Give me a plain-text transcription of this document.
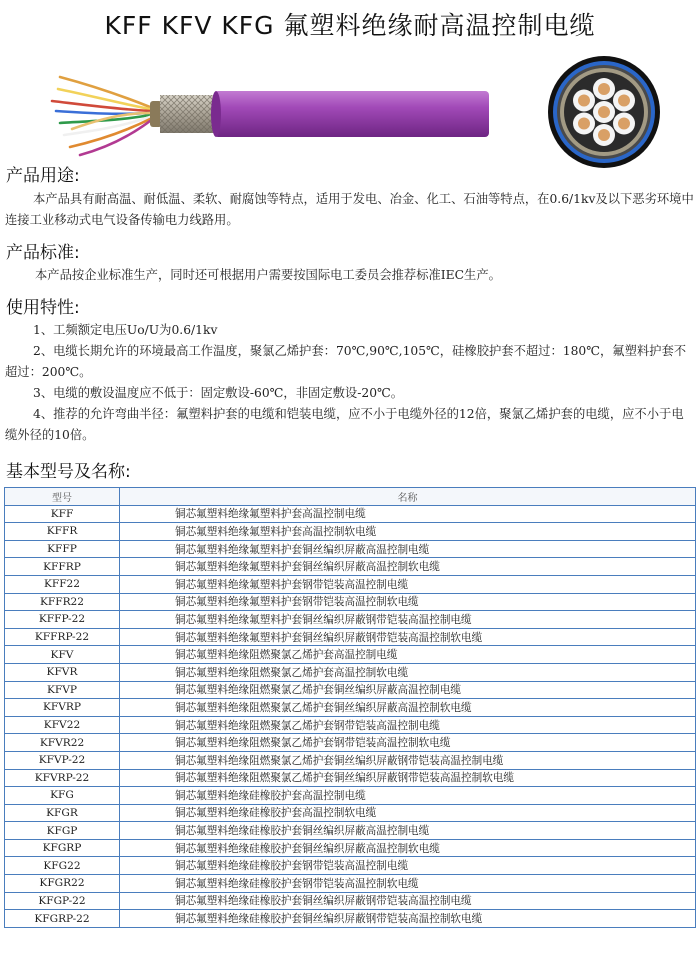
KFF KFV KFG 氟塑料绝缘耐高温控制电缆
产品用途:

本产品具有耐高温、耐低温、柔软、耐腐蚀等特点，适用于发电、冶金、化工、石油等特点，在0.6/1kv及以下恶劣环境中连接工业移动式电气设备传输电力线路用。

产品标准:

本产品按企业标准生产，同时还可根据用户需要按国际电工委员会推荐标准IEC生产。

使用特性:

1、工频额定电压Uo/U为0.6/1kv

2、电缆长期允许的环境最高工作温度，聚氯乙烯护套：70℃,90℃,105℃，硅橡胶护套不超过：180℃，氟塑料护套不超过：200℃。

3、电缆的敷设温度应不低于：固定敷设-60℃，非固定敷设-20℃。

4、推荐的允许弯曲半径：氟塑料护套的电缆和铠装电缆，应不小于电缆外径的12倍，聚氯乙烯护套的电缆，应不小于电缆外径的10倍。

基本型号及名称:
型号	名称
KFF	铜芯氟塑料绝缘氟塑料护套高温控制电缆
KFFR	铜芯氟塑料绝缘氟塑料护套高温控制软电缆
KFFP	铜芯氟塑料绝缘氟塑料护套铜丝编织屏蔽高温控制电缆
KFFRP	铜芯氟塑料绝缘氟塑料护套铜丝编织屏蔽高温控制软电缆
KFF22	铜芯氟塑料绝缘氟塑料护套钢带铠装高温控制电缆
KFFR22	铜芯氟塑料绝缘氟塑料护套钢带铠装高温控制软电缆
KFFP-22	铜芯氟塑料绝缘氟塑料护套铜丝编织屏蔽钢带铠装高温控制电缆
KFFRP-22	铜芯氟塑料绝缘氟塑料护套铜丝编织屏蔽钢带铠装高温控制软电缆
KFV	铜芯氟塑料绝缘阻燃聚氯乙烯护套高温控制电缆
KFVR	铜芯氟塑料绝缘阻燃聚氯乙烯护套高温控制软电缆
KFVP	铜芯氟塑料绝缘阻燃聚氯乙烯护套铜丝编织屏蔽高温控制电缆
KFVRP	铜芯氟塑料绝缘阻燃聚氯乙烯护套铜丝编织屏蔽高温控制软电缆
KFV22	铜芯氟塑料绝缘阻燃聚氯乙烯护套钢带铠装高温控制电缆
KFVR22	铜芯氟塑料绝缘阻燃聚氯乙烯护套钢带铠装高温控制软电缆
KFVP-22	铜芯氟塑料绝缘阻燃聚氯乙烯护套铜丝编织屏蔽钢带铠装高温控制电缆
KFVRP-22	铜芯氟塑料绝缘阻燃聚氯乙烯护套铜丝编织屏蔽钢带铠装高温控制软电缆
KFG	铜芯氟塑料绝缘硅橡胶护套高温控制电缆
KFGR	铜芯氟塑料绝缘硅橡胶护套高温控制软电缆
KFGP	铜芯氟塑料绝缘硅橡胶护套铜丝编织屏蔽高温控制电缆
KFGRP	铜芯氟塑料绝缘硅橡胶护套铜丝编织屏蔽高温控制软电缆
KFG22	铜芯氟塑料绝缘硅橡胶护套钢带铠装高温控制电缆
KFGR22	铜芯氟塑料绝缘硅橡胶护套钢带铠装高温控制软电缆
KFGP-22	铜芯氟塑料绝缘硅橡胶护套铜丝编织屏蔽钢带铠装高温控制电缆
KFGRP-22	铜芯氟塑料绝缘硅橡胶护套铜丝编织屏蔽钢带铠装高温控制软电缆
